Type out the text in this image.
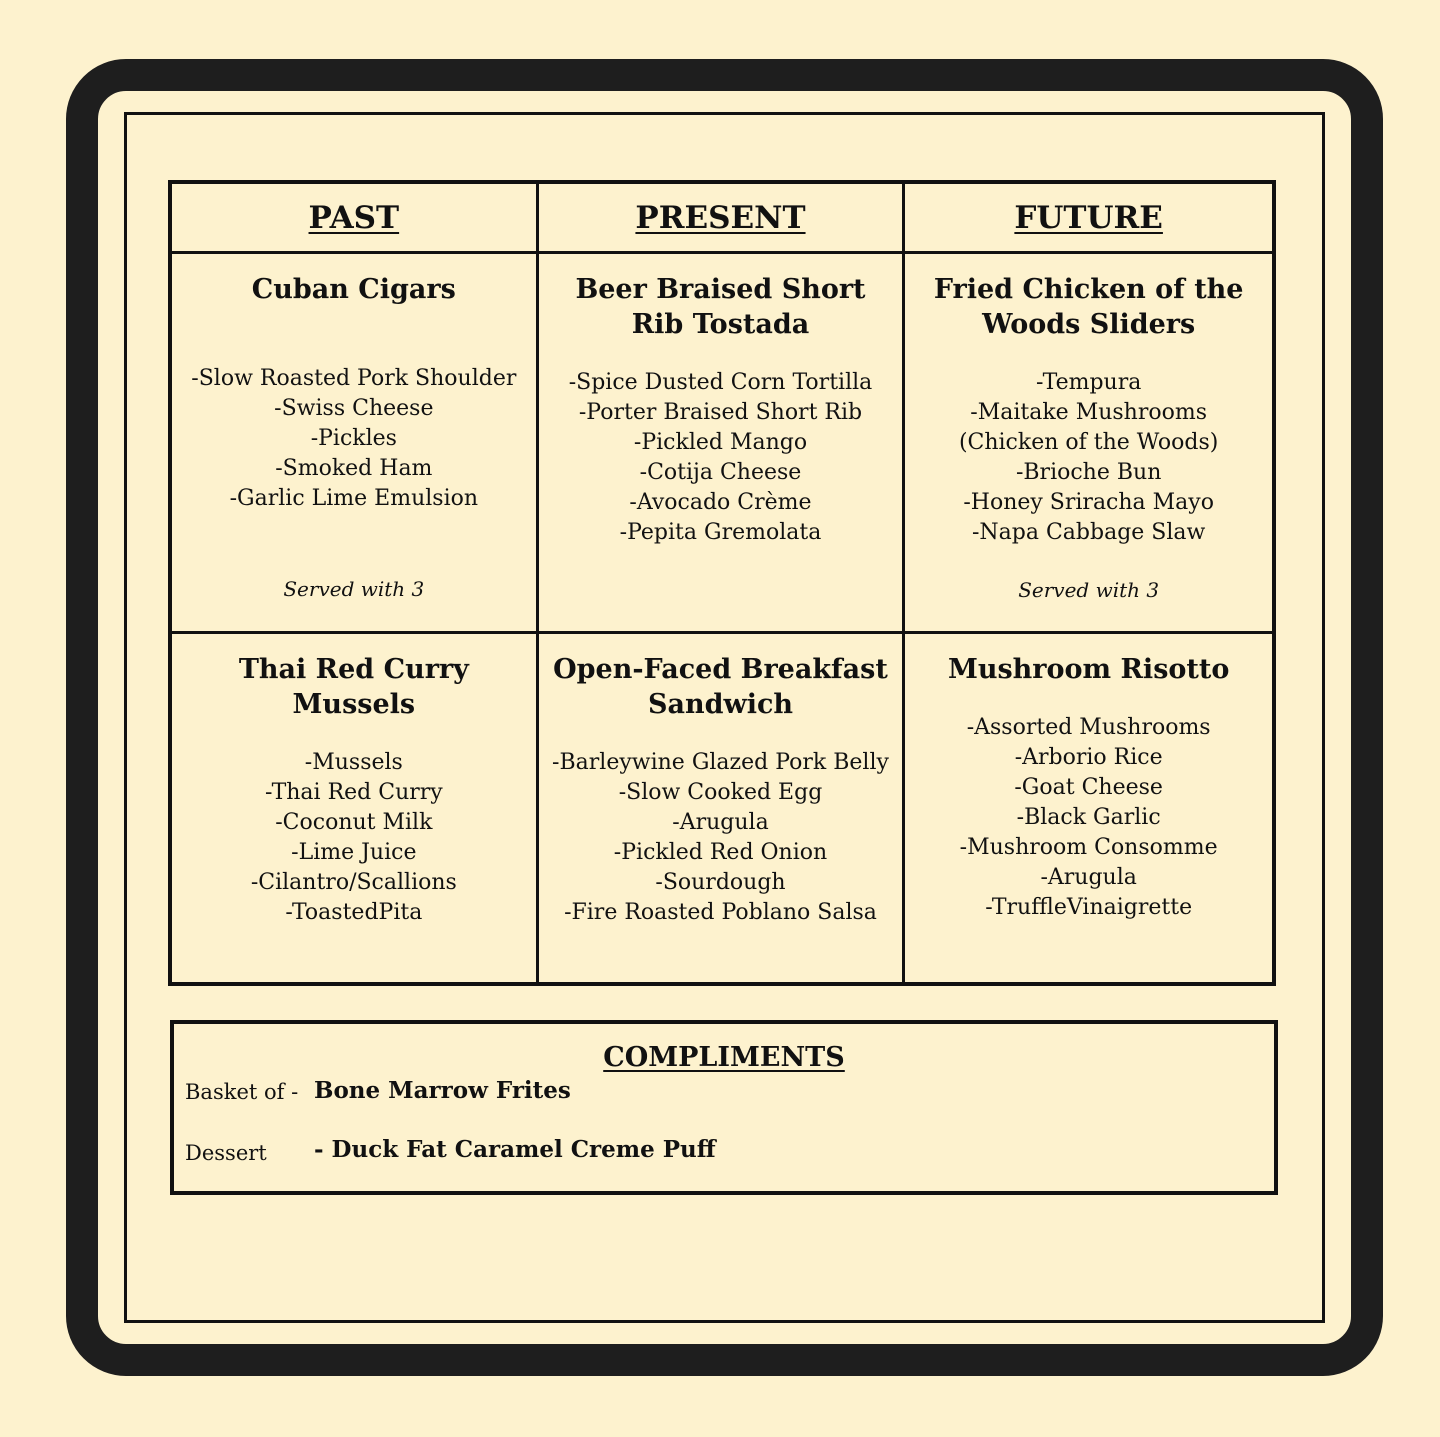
PAST	PRESENT	FUTURE
Cuban Cigars
-Slow Roasted Pork Shoulder
-Swiss Cheese
-Pickles
-Smoked Ham
-Garlic Lime Emulsion
Served with 3
Beer Braised Short Rib Tostada
-Spice Dusted Corn Tortilla
-Porter Braised Short Rib
-Pickled Mango
-Cotija Cheese
-Avocado Crème
-Pepita Gremolata
Fried Chicken of the Woods Sliders
-Tempura
-Maitake Mushrooms
(Chicken of the Woods)
-Brioche Bun
-Honey Sriracha Mayo
-Napa Cabbage Slaw
Served with 3
Thai Red Curry Mussels
-Mussels
-Thai Red Curry
-Coconut Milk
-Lime Juice
-Cilantro/Scallions
-ToastedPita
Open-Faced Breakfast Sandwich
-Barleywine Glazed Pork Belly
-Slow Cooked Egg
-Arugula
-Pickled Red Onion
-Sourdough
-Fire Roasted Poblano Salsa
Mushroom Risotto
-Assorted Mushrooms
-Arborio Rice
-Goat Cheese
-Black Garlic
-Mushroom Consomme
-Arugula
-TruffleVinaigrette
COMPLIMENTS
Basket of - Bone Marrow Frites
Dessert - Duck Fat Caramel Creme Puff
